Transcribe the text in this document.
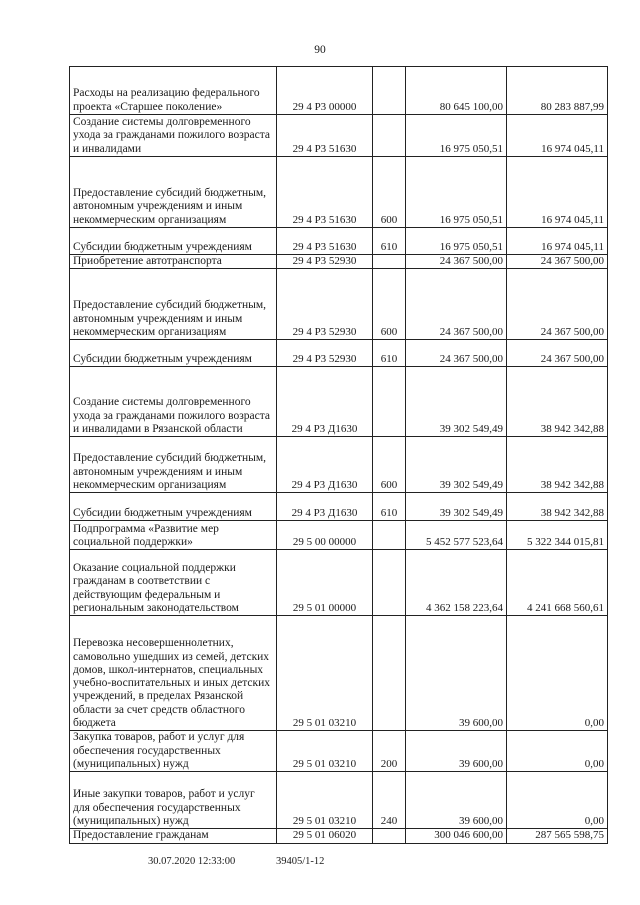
90
Расходы на реализацию федерального проекта «Старшее поколение»	29 4 P3 00000		80 645 100,00	80 283 887,99
Создание системы долговременного ухода за гражданами пожилого возраста и инвалидами	29 4 P3 51630		16 975 050,51	16 974 045,11
Предоставление субсидий бюджетным, автономным учреждениям и иным некоммерческим организациям	29 4 P3 51630	600	16 975 050,51	16 974 045,11
Субсидии бюджетным учреждениям	29 4 P3 51630	610	16 975 050,51	16 974 045,11
Приобретение автотранспорта	29 4 P3 52930		24 367 500,00	24 367 500,00
Предоставление субсидий бюджетным, автономным учреждениям и иным некоммерческим организациям	29 4 P3 52930	600	24 367 500,00	24 367 500,00
Субсидии бюджетным учреждениям	29 4 P3 52930	610	24 367 500,00	24 367 500,00
Создание системы долговременного ухода за гражданами пожилого возраста и инвалидами в Рязанской области	29 4 P3 Д1630		39 302 549,49	38 942 342,88
Предоставление субсидий бюджетным, автономным учреждениям и иным некоммерческим организациям	29 4 P3 Д1630	600	39 302 549,49	38 942 342,88
Субсидии бюджетным учреждениям	29 4 P3 Д1630	610	39 302 549,49	38 942 342,88
Подпрограмма «Развитие мер социальной поддержки»	29 5 00 00000		5 452 577 523,64	5 322 344 015,81
Оказание социальной поддержки гражданам в соответствии с действующим федеральным и региональным законодательством	29 5 01 00000		4 362 158 223,64	4 241 668 560,61
Перевозка несовершеннолетних, самовольно ушедших из семей, детских домов, школ-интернатов, специальных учебно-воспитательных и иных детских учреждений, в пределах Рязанской области за счет средств областного бюджета	29 5 01 03210		39 600,00	0,00
Закупка товаров, работ и услуг для обеспечения государственных (муниципальных) нужд	29 5 01 03210	200	39 600,00	0,00
Иные закупки товаров, работ и услуг для обеспечения государственных (муниципальных) нужд	29 5 01 03210	240	39 600,00	0,00
Предоставление гражданам	29 5 01 06020		300 046 600,00	287 565 598,75
30.07.2020 12:33:00	39405/1-12
